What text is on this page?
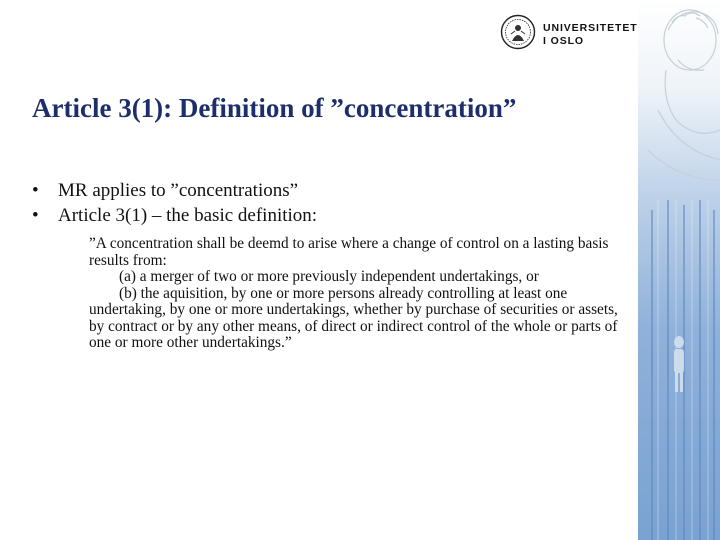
UNIVERSITETET
I OSLO
Article 3(1): Definition of ”concentration”
• MR applies to ”concentrations”
• Article 3(1) – the basic definition:

”A concentration shall be deemd to arise where a change of control on a lasting basis results from:

(a) a merger of two or more previously independent undertakings, or

(b) the aquisition, by one or more persons already controlling at least one undertaking, by one or more undertakings, whether by purchase of securities or assets, by contract or by any other means, of direct or indirect control of the whole or parts of one or more other undertakings.”
